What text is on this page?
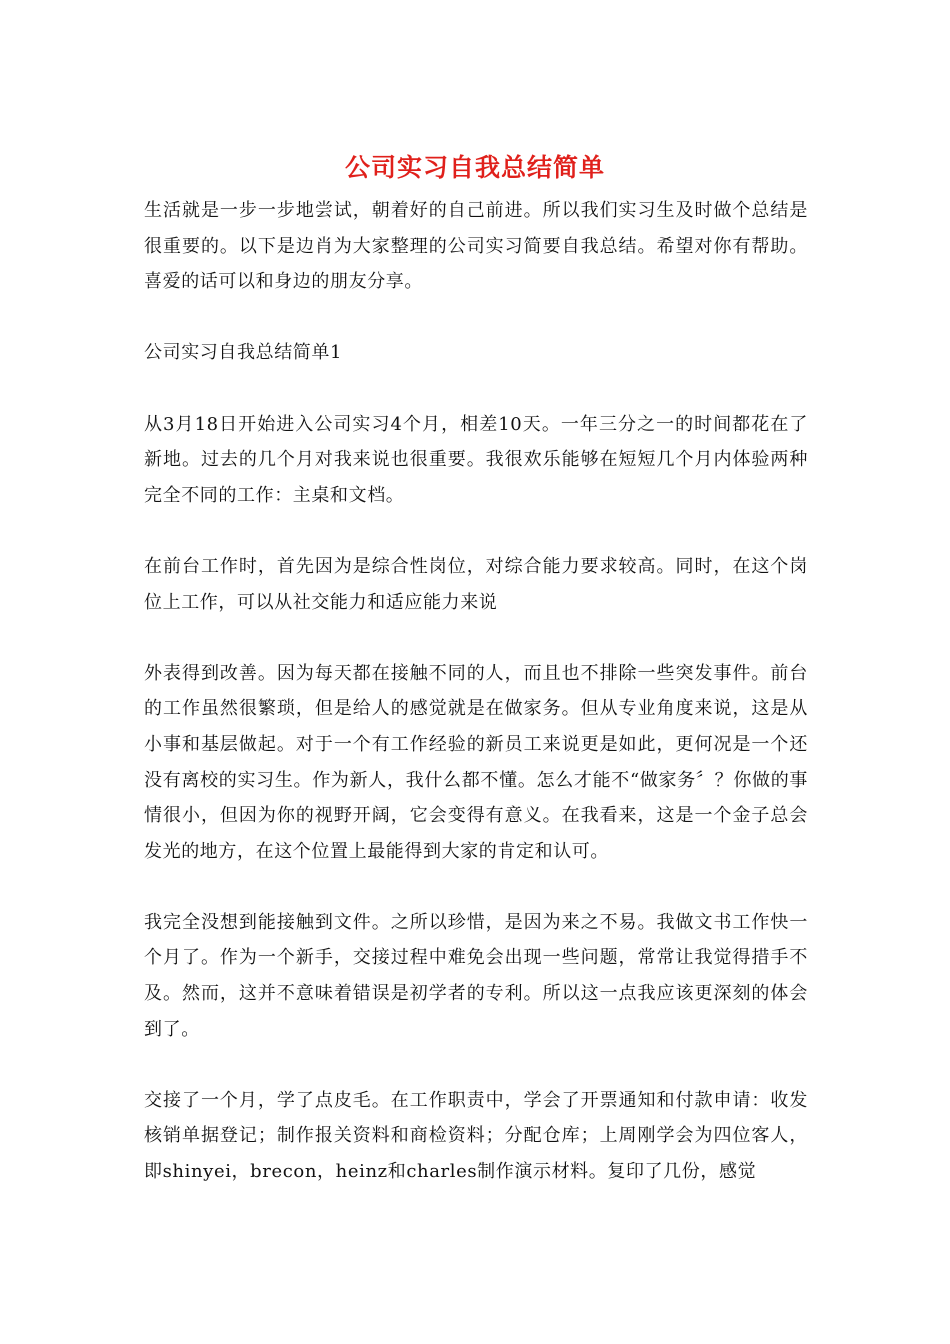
公司实习自我总结简单

生活就是一步一步地尝试，朝着好的自己前进。所以我们实习生及时做个总结是很重要的。以下是边肖为大家整理的公司实习简要自我总结。希望对你有帮助。喜爱的话可以和身边的朋友分享。

公司实习自我总结简单1

从3月18日开始进入公司实习4个月，相差10天。一年三分之一的时间都花在了新地。过去的几个月对我来说也很重要。我很欢乐能够在短短几个月内体验两种完全不同的工作：主桌和文档。

在前台工作时，首先因为是综合性岗位，对综合能力要求较高。同时，在这个岗位上工作，可以从社交能力和适应能力来说

外表得到改善。因为每天都在接触不同的人，而且也不排除一些突发事件。前台的工作虽然很繁琐，但是给人的感觉就是在做家务。但从专业角度来说，这是从小事和基层做起。对于一个有工作经验的新员工来说更是如此，更何况是一个还没有离校的实习生。作为新人，我什么都不懂。怎么才能不“做家务〞？你做的事情很小，但因为你的视野开阔，它会变得有意义。在我看来，这是一个金子总会发光的地方，在这个位置上最能得到大家的肯定和认可。

我完全没想到能接触到文件。之所以珍惜，是因为来之不易。我做文书工作快一个月了。作为一个新手，交接过程中难免会出现一些问题，常常让我觉得措手不及。然而，这并不意味着错误是初学者的专利。所以这一点我应该更深刻的体会到了。

交接了一个月，学了点皮毛。在工作职责中，学会了开票通知和付款申请：收发核销单据登记；制作报关资料和商检资料；分配仓库；上周刚学会为四位客人，即shinyei，brecon，heinz和charles制作演示材料。复印了几份，感觉
